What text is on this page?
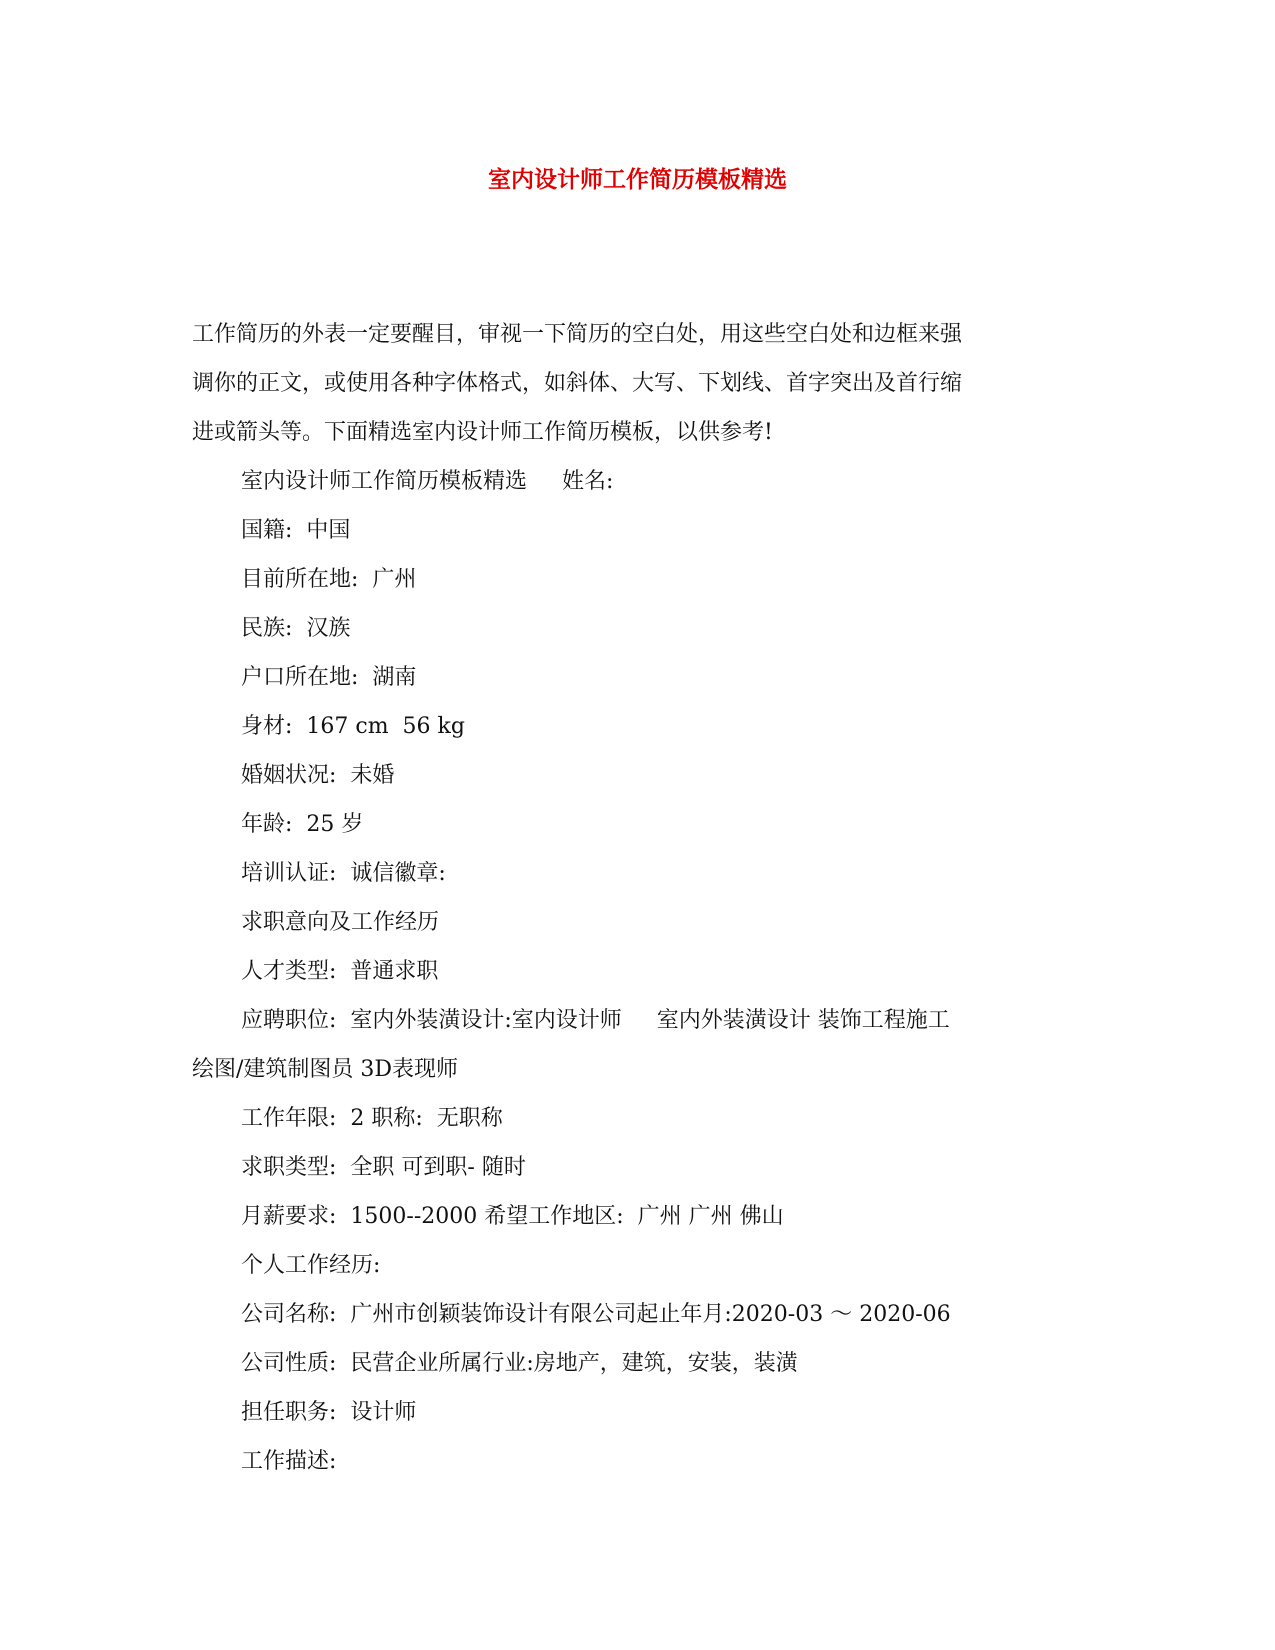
室内设计师工作简历模板精选

工作简历的外表一定要醒目，审视一下简历的空白处，用这些空白处和边框来强
调你的正文，或使用各种字体格式，如斜体、大写、下划线、首字突出及首行缩
进或箭头等。下面精选室内设计师工作简历模板，以供参考!

室内设计师工作简历模板精选     姓名:
国籍:  中国
目前所在地:  广州
民族:  汉族
户口所在地:  湖南
身材:  167 cm  56 kg
婚姻状况:  未婚
年龄:  25 岁
培训认证:  诚信徽章:
求职意向及工作经历
人才类型:  普通求职
应聘职位:  室内外装潢设计:室内设计师     室内外装潢设计 装饰工程施工
绘图/建筑制图员 3D表现师
工作年限:  2 职称:  无职称
求职类型:  全职 可到职- 随时
月薪要求:  1500--2000 希望工作地区:  广州 广州 佛山
个人工作经历:
公司名称:  广州市创颖装饰设计有限公司起止年月:2020-03 ～ 2020-06
公司性质:  民营企业所属行业:房地产，建筑，安装，装潢
担任职务:  设计师
工作描述:
